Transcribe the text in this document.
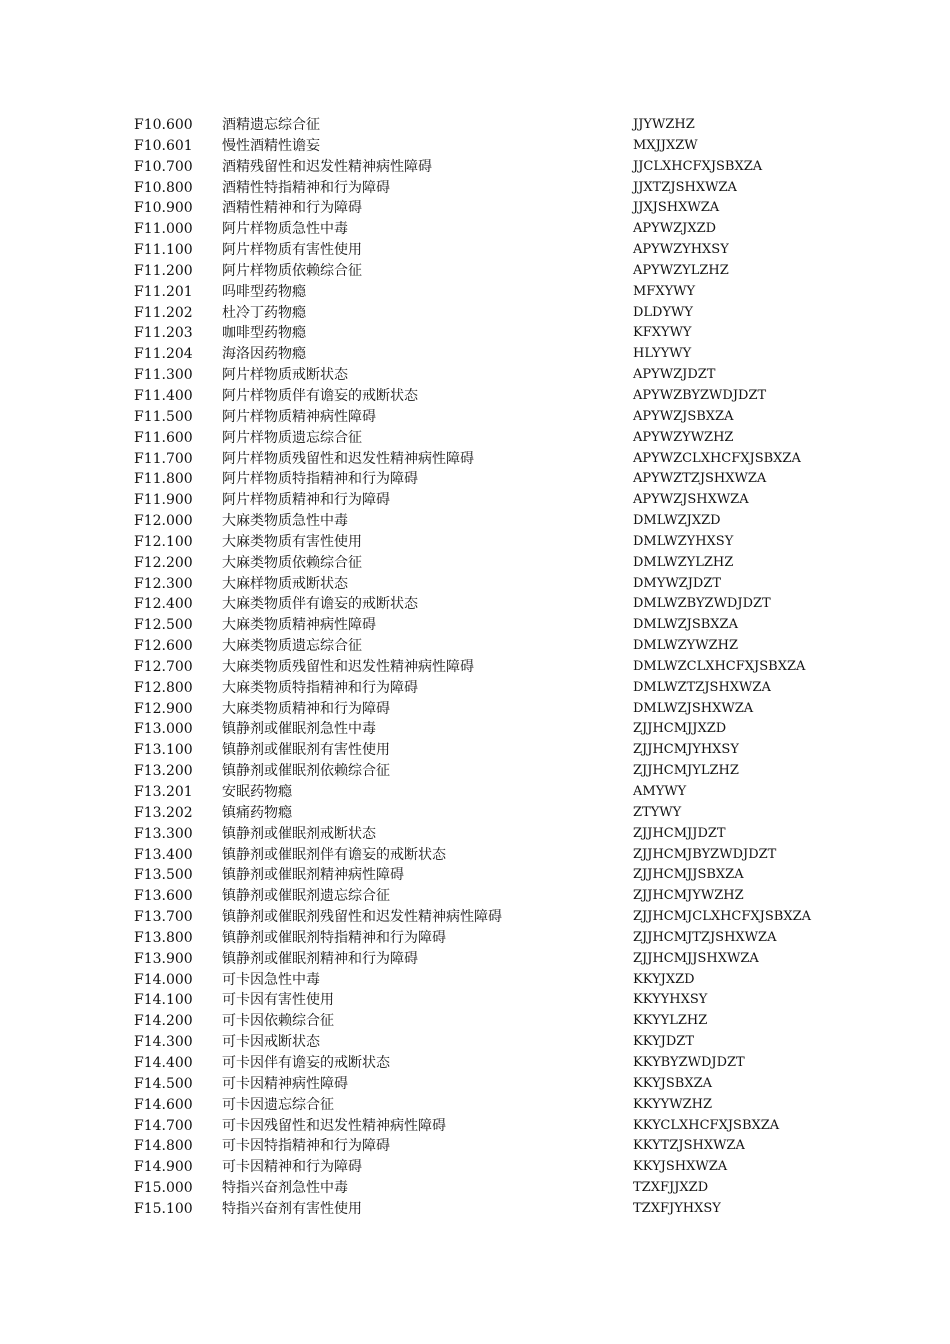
F10.600 酒精遗忘综合征	JJYWZHZ
F10.601 慢性酒精性谵妄	MXJJXZW
F10.700 酒精残留性和迟发性精神病性障碍	JJCLXHCFXJSBXZA
F10.800 酒精性特指精神和行为障碍	JJXTZJSHXWZA
F10.900 酒精性精神和行为障碍	JJXJSHXWZA
F11.000 阿片样物质急性中毒	APYWZJXZD
F11.100 阿片样物质有害性使用	APYWZYHXSY
F11.200 阿片样物质依赖综合征	APYWZYLZHZ
F11.201 吗啡型药物瘾	MFXYWY
F11.202 杜冷丁药物瘾	DLDYWY
F11.203 咖啡型药物瘾	KFXYWY
F11.204 海洛因药物瘾	HLYYWY
F11.300 阿片样物质戒断状态	APYWZJDZT
F11.400 阿片样物质伴有谵妄的戒断状态	APYWZBYZWDJDZT
F11.500 阿片样物质精神病性障碍	APYWZJSBXZA
F11.600 阿片样物质遗忘综合征	APYWZYWZHZ
F11.700 阿片样物质残留性和迟发性精神病性障碍	APYWZCLXHCFXJSBXZA
F11.800 阿片样物质特指精神和行为障碍	APYWZTZJSHXWZA
F11.900 阿片样物质精神和行为障碍	APYWZJSHXWZA
F12.000 大麻类物质急性中毒	DMLWZJXZD
F12.100 大麻类物质有害性使用	DMLWZYHXSY
F12.200 大麻类物质依赖综合征	DMLWZYLZHZ
F12.300 大麻样物质戒断状态	DMYWZJDZT
F12.400 大麻类物质伴有谵妄的戒断状态	DMLWZBYZWDJDZT
F12.500 大麻类物质精神病性障碍	DMLWZJSBXZA
F12.600 大麻类物质遗忘综合征	DMLWZYWZHZ
F12.700 大麻类物质残留性和迟发性精神病性障碍	DMLWZCLXHCFXJSBXZA
F12.800 大麻类物质特指精神和行为障碍	DMLWZTZJSHXWZA
F12.900 大麻类物质精神和行为障碍	DMLWZJSHXWZA
F13.000 镇静剂或催眠剂急性中毒	ZJJHCMJJXZD
F13.100 镇静剂或催眠剂有害性使用	ZJJHCMJYHXSY
F13.200 镇静剂或催眠剂依赖综合征	ZJJHCMJYLZHZ
F13.201 安眠药物瘾	AMYWY
F13.202 镇痛药物瘾	ZTYWY
F13.300 镇静剂或催眠剂戒断状态	ZJJHCMJJDZT
F13.400 镇静剂或催眠剂伴有谵妄的戒断状态	ZJJHCMJBYZWDJDZT
F13.500 镇静剂或催眠剂精神病性障碍	ZJJHCMJJSBXZA
F13.600 镇静剂或催眠剂遗忘综合征	ZJJHCMJYWZHZ
F13.700 镇静剂或催眠剂残留性和迟发性精神病性障碍	ZJJHCMJCLXHCFXJSBXZA
F13.800 镇静剂或催眠剂特指精神和行为障碍	ZJJHCMJTZJSHXWZA
F13.900 镇静剂或催眠剂精神和行为障碍	ZJJHCMJJSHXWZA
F14.000 可卡因急性中毒	KKYJXZD
F14.100 可卡因有害性使用	KKYYHXSY
F14.200 可卡因依赖综合征	KKYYLZHZ
F14.300 可卡因戒断状态	KKYJDZT
F14.400 可卡因伴有谵妄的戒断状态	KKYBYZWDJDZT
F14.500 可卡因精神病性障碍	KKYJSBXZA
F14.600 可卡因遗忘综合征	KKYYWZHZ
F14.700 可卡因残留性和迟发性精神病性障碍	KKYCLXHCFXJSBXZA
F14.800 可卡因特指精神和行为障碍	KKYTZJSHXWZA
F14.900 可卡因精神和行为障碍	KKYJSHXWZA
F15.000 特指兴奋剂急性中毒	TZXFJJXZD
F15.100 特指兴奋剂有害性使用	TZXFJYHXSY
